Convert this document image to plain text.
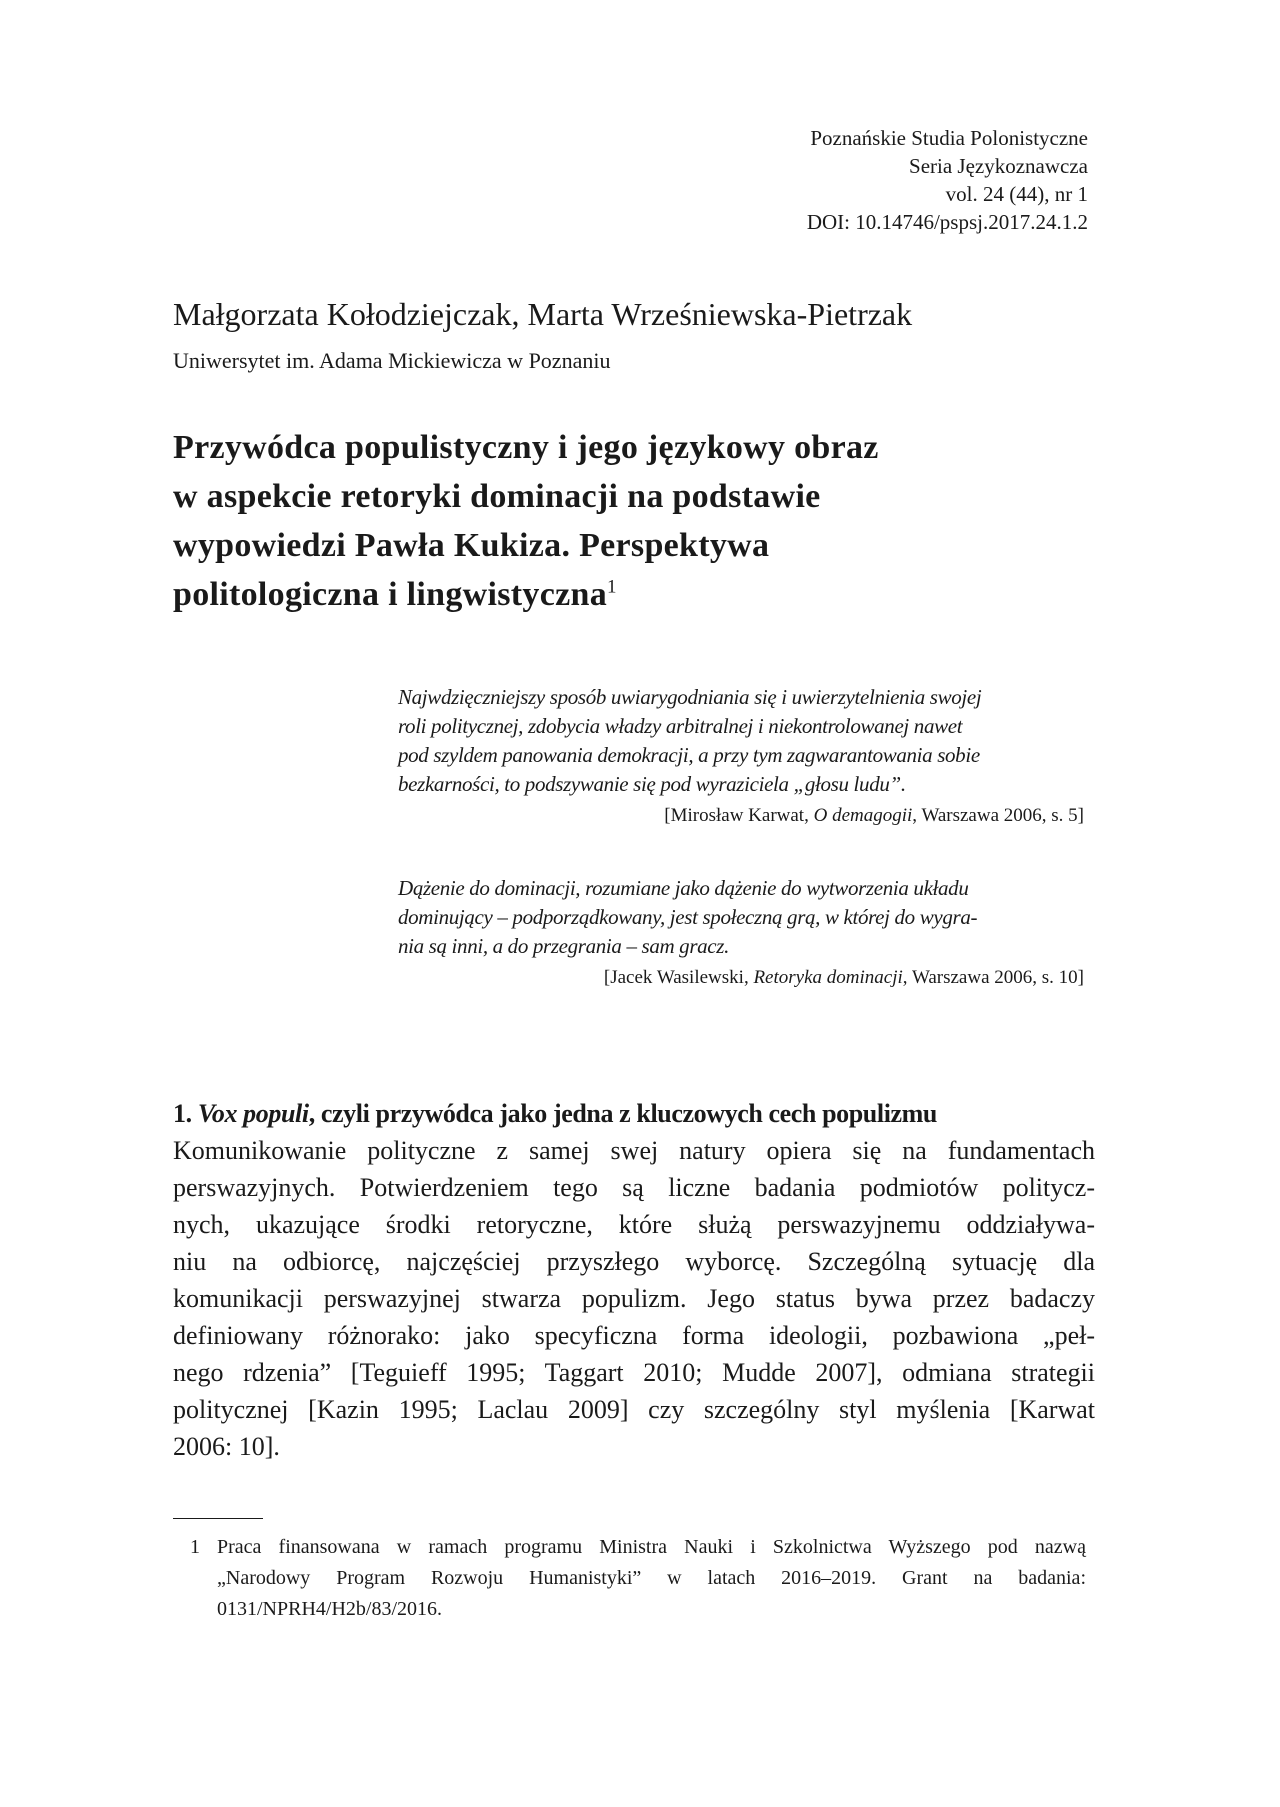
Poznańskie Studia Polonistyczne
Seria Językoznawcza
vol. 24 (44), nr 1
DOI: 10.14746/pspsj.2017.24.1.2
Małgorzata Kołodziejczak, Marta Wrześniewska-Pietrzak
Uniwersytet im. Adama Mickiewicza w Poznaniu
Przywódca populistyczny i jego językowy obraz
w aspekcie retoryki dominacji na podstawie
wypowiedzi Pawła Kukiza. Perspektywa
politologiczna i lingwistyczna$^1$
Najwdzięczniejszy sposób uwiarygodniania się i uwierzytelnienia swojej
roli politycznej, zdobycia władzy arbitralnej i niekontrolowanej nawet
pod szyldem panowania demokracji, a przy tym zagwarantowania sobie
bezkarności, to podszywanie się pod wyraziciela „głosu ludu”.
[Mirosław Karwat, O demagogii, Warszawa 2006, s. 5]
Dążenie do dominacji, rozumiane jako dążenie do wytworzenia układu
dominujący – podporządkowany, jest społeczną grą, w której do wygra-
nia są inni, a do przegrania – sam gracz.
[Jacek Wasilewski, Retoryka dominacji, Warszawa 2006, s. 10]
1. Vox populi, czyli przywódca jako jedna z kluczowych cech populizmu
Komunikowanie polityczne z samej swej natury opiera się na fundamentach
perswazyjnych. Potwierdzeniem tego są liczne badania podmiotów politycz-
nych, ukazujące środki retoryczne, które służą perswazyjnemu oddziaływa-
niu na odbiorcę, najczęściej przyszłego wyborcę. Szczególną sytuację dla
komunikacji perswazyjnej stwarza populizm. Jego status bywa przez badaczy
definiowany różnorako: jako specyficzna forma ideologii, pozbawiona „peł-
nego rdzenia” [Teguieff 1995; Taggart 2010; Mudde 2007], odmiana strategii
politycznej [Kazin 1995; Laclau 2009] czy szczególny styl myślenia [Karwat
2006: 10].
1 Praca finansowana w ramach programu Ministra Nauki i Szkolnictwa Wyższego pod nazwą
„Narodowy Program Rozwoju Humanistyki” w latach 2016–2019. Grant na badania:
0131/NPRH4/H2b/83/2016.
